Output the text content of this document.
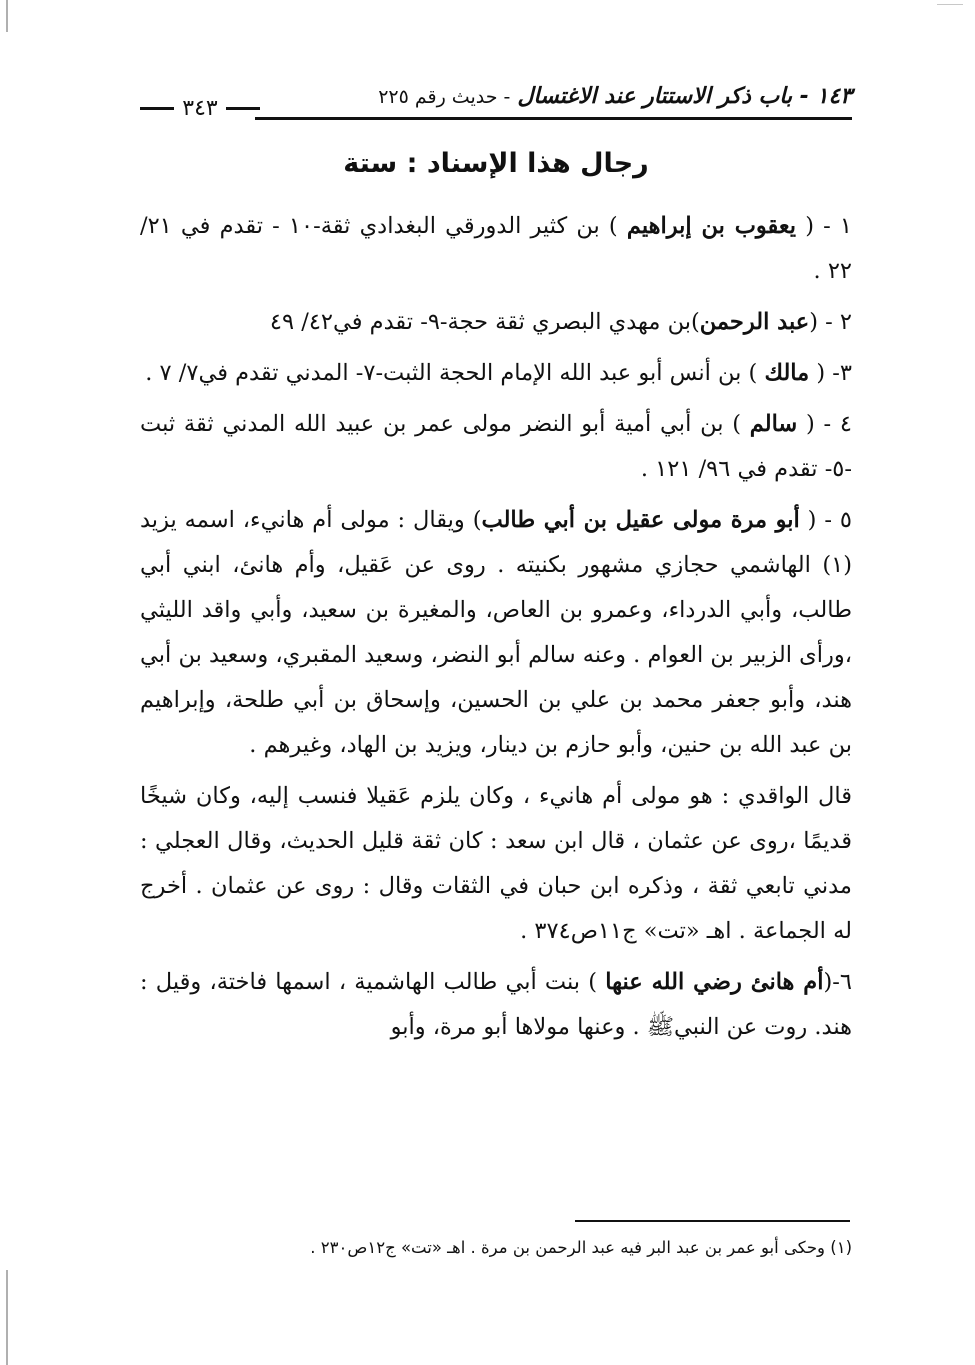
١٤٣ - باب ذكر الاستتار عند الاغتسال - حديث رقم ٢٢٥
٣٤٣
رجال هذا الإسناد : ستة

١ - ( يعقوب بن إبراهيم ) بن كثير الدورقي البغدادي ثقة-١٠ - تقدم في ٢١/ ٢٢ .

٢ - (عبد الرحمن)بن مهدي البصري ثقة حجة-٩- تقدم في٤٢/ ٤٩

٣- ( مالك ) بن أنس أبو عبد الله الإمام الحجة الثبت-٧- المدني تقدم في٧/ ٧ .

٤ - ( سالم ) بن أبي أمية أبو النضر مولى عمر بن عبيد الله المدني ثقة ثبت -٥- تقدم في ٩٦/ ١٢١ .

٥ - ( أبو مرة مولى عقيل بن أبي طالب) ويقال : مولى أم هانيء، اسمه يزيد (١) الهاشمي حجازي مشهور بكنيته . روى عن عَقيل، وأم هانئ، ابني أبي طالب، وأبي الدرداء، وعمرو بن العاص، والمغيرة بن سعيد، وأبي واقد الليثي ،ورأى الزبير بن العوام . وعنه سالم أبو النضر، وسعيد المقبري، وسعيد بن أبي هند، وأبو جعفر محمد بن علي بن الحسين، وإسحاق بن أبي طلحة، وإبراهيم بن عبد الله بن حنين، وأبو حازم بن دينار، ويزيد بن الهاد، وغيرهم .

قال الواقدي : هو مولى أم هانيء ، وكان يلزم عَقيلا فنسب إليه، وكان شيخًا قديمًا ،روى عن عثمان ، قال ابن سعد : كان ثقة قليل الحديث، وقال العجلي : مدني تابعي ثقة ، وذكره ابن حبان في الثقات وقال : روى عن عثمان . أخرج له الجماعة . اهـ «تت» ج١١ص٣٧٤ .

٦-(أم هانئ رضي الله عنها ) بنت أبي طالب الهاشمية ، اسمها فاختة، وقيل : هند. روت عن النبيﷺ . وعنها مولاها أبو مرة، وأبو

(١) وحكى أبو عمر بن عبد البر فيه عبد الرحمن بن مرة . اهـ «تت» ج١٢ص٢٣٠ .
